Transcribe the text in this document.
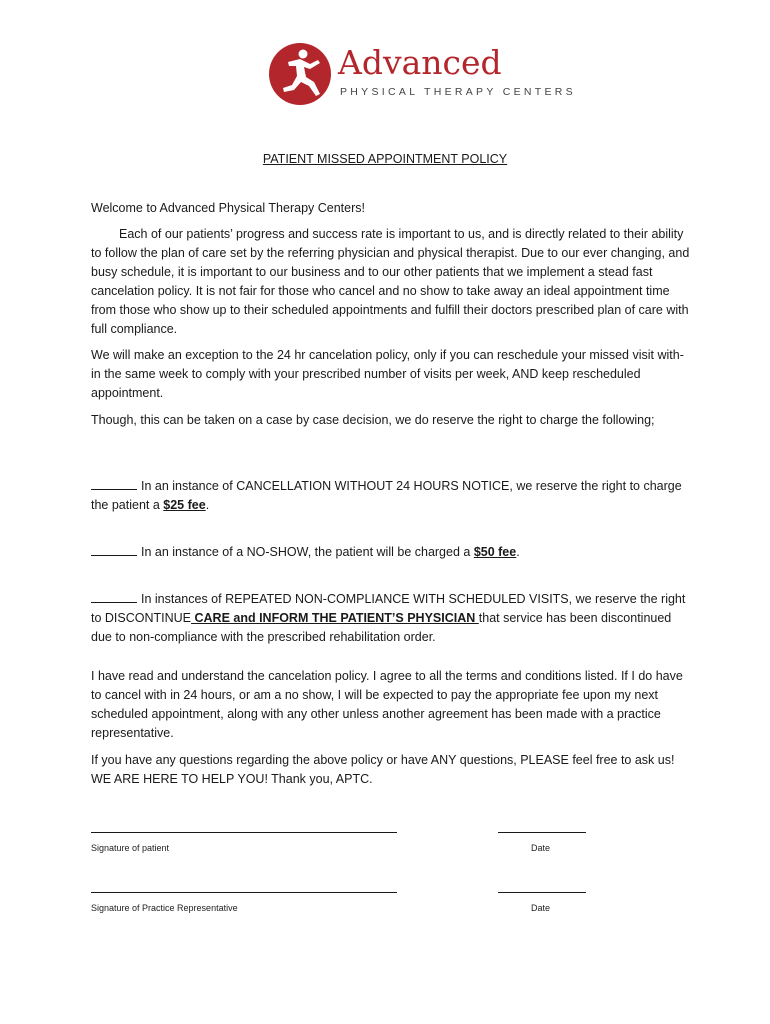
Advanced
PHYSICAL THERAPY CENTERS
PATIENT MISSED APPOINTMENT POLICY
Welcome to Advanced Physical Therapy Centers!
Each of our patients’ progress and success rate is important to us, and is directly related to their ability to follow the plan of care set by the referring physician and physical therapist. Due to our ever changing, and busy schedule, it is important to our business and to our other patients that we implement a stead fast cancelation policy. It is not fair for those who cancel and no show to take away an ideal appointment time from those who show up to their scheduled appointments and fulfill their doctors prescribed plan of care with full compliance.
We will make an exception to the 24 hr cancelation policy, only if you can reschedule your missed visit with-in the same week to comply with your prescribed number of visits per week, AND keep rescheduled appointment.
Though, this can be taken on a case by case decision, we do reserve the right to charge the following;
In an instance of CANCELLATION WITHOUT 24 HOURS NOTICE, we reserve the right to charge the patient a $25 fee.
In an instance of a NO-SHOW, the patient will be charged a $50 fee.
In instances of REPEATED NON-COMPLIANCE WITH SCHEDULED VISITS, we reserve the right to DISCONTINUE CARE and INFORM THE PATIENT’S PHYSICIAN that service has been discontinued due to non-compliance with the prescribed rehabilitation order.
I have read and understand the cancelation policy. I agree to all the terms and conditions listed. If I do have to cancel with in 24 hours, or am a no show, I will be expected to pay the appropriate fee upon my next scheduled appointment, along with any other unless another agreement has been made with a practice representative.
If you have any questions regarding the above policy or have ANY questions, PLEASE feel free to ask us! WE ARE HERE TO HELP YOU! Thank you, APTC.
Signature of patient	Date
Signature of Practice Representative	Date
